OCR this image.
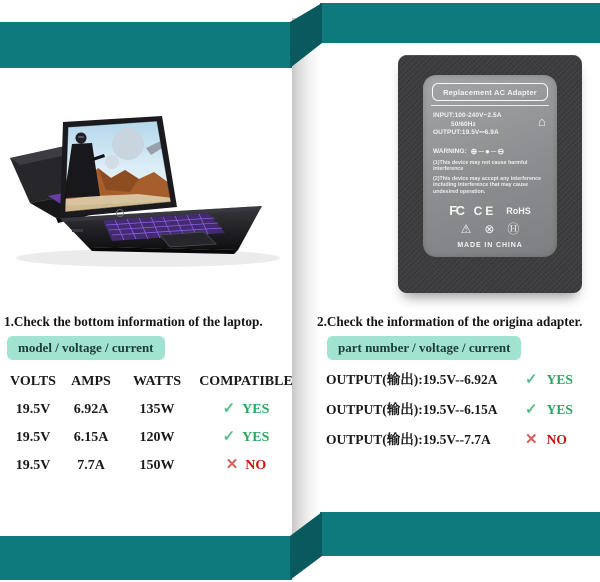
Replacement AC Adapter
INPUT:100-240V~2.5A
50/60Hz
OUTPUT:19.5V⎓6.9A
⌂
WARNING: ⊕─●─⊖

(1)This device may not cause harmful interference

(2)This device may accept any interference including interference that may cause undesired operation.

FC CE RoHS
⚠ ⊗ Ⓗ
MADE IN CHINA
1.Check the bottom information of the laptop.
model / voltage / current
VOLTS	AMPS	WATTS	COMPATIBLE
19.5V	6.92A	135W	✓ YES
19.5V	6.15A	120W	✓ YES
19.5V	7.7A	150W	✕ NO
2.Check the information of the origina adapter.
part number / voltage / current
OUTPUT(输出):19.5V--6.92A	✓ YES
OUTPUT(输出):19.5V--6.15A	✓ YES
OUTPUT(输出):19.5V--7.7A	✕ NO
